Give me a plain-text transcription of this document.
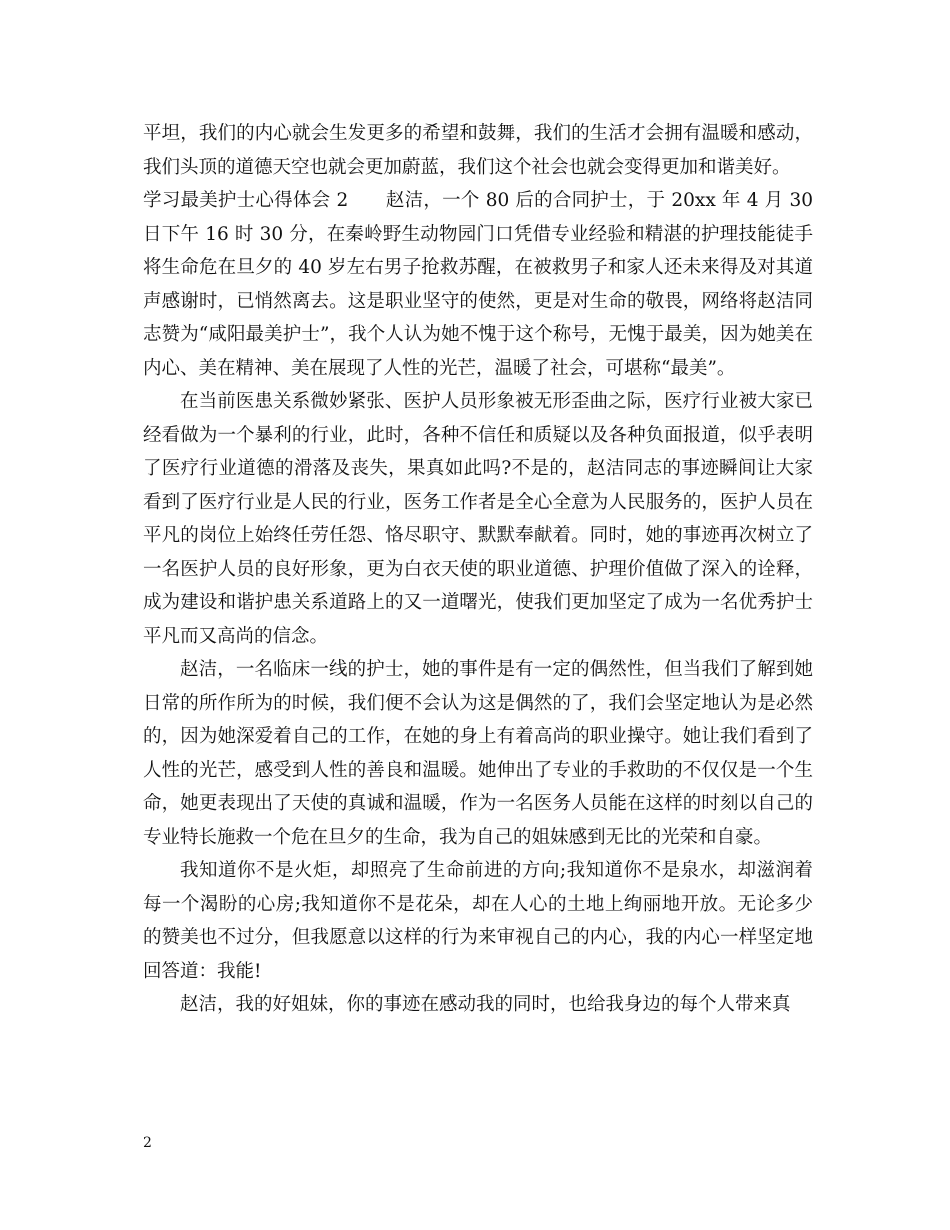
平坦，我们的内心就会生发更多的希望和鼓舞，我们的生活才会拥有温暖和感动，我们头顶的道德天空也就会更加蔚蓝，我们这个社会也就会变得更加和谐美好。

学习最美护士心得体会 2　　赵洁，一个 80 后的合同护士，于 20xx 年 4 月 30 日下午 16 时 30 分，在秦岭野生动物园门口凭借专业经验和精湛的护理技能徒手将生命危在旦夕的 40 岁左右男子抢救苏醒，在被救男子和家人还未来得及对其道声感谢时，已悄然离去。这是职业坚守的使然，更是对生命的敬畏，网络将赵洁同志赞为“咸阳最美护士”，我个人认为她不愧于这个称号，无愧于最美，因为她美在内心、美在精神、美在展现了人性的光芒，温暖了社会，可堪称“最美”。

在当前医患关系微妙紧张、医护人员形象被无形歪曲之际，医疗行业被大家已经看做为一个暴利的行业，此时，各种不信任和质疑以及各种负面报道，似乎表明了医疗行业道德的滑落及丧失，果真如此吗?不是的，赵洁同志的事迹瞬间让大家看到了医疗行业是人民的行业，医务工作者是全心全意为人民服务的，医护人员在平凡的岗位上始终任劳任怨、恪尽职守、默默奉献着。同时，她的事迹再次树立了一名医护人员的良好形象，更为白衣天使的职业道德、护理价值做了深入的诠释，成为建设和谐护患关系道路上的又一道曙光，使我们更加坚定了成为一名优秀护士平凡而又高尚的信念。

赵洁，一名临床一线的护士，她的事件是有一定的偶然性，但当我们了解到她日常的所作所为的时候，我们便不会认为这是偶然的了，我们会坚定地认为是必然的，因为她深爱着自己的工作，在她的身上有着高尚的职业操守。她让我们看到了人性的光芒，感受到人性的善良和温暖。她伸出了专业的手救助的不仅仅是一个生命，她更表现出了天使的真诚和温暖，作为一名医务人员能在这样的时刻以自己的专业特长施救一个危在旦夕的生命，我为自己的姐妹感到无比的光荣和自豪。

我知道你不是火炬，却照亮了生命前进的方向;我知道你不是泉水，却滋润着每一个渴盼的心房;我知道你不是花朵，却在人心的土地上绚丽地开放。无论多少的赞美也不过分，但我愿意以这样的行为来审视自己的内心，我的内心一样坚定地回答道：我能!

赵洁，我的好姐妹，你的事迹在感动我的同时，也给我身边的每个人带来真

2
